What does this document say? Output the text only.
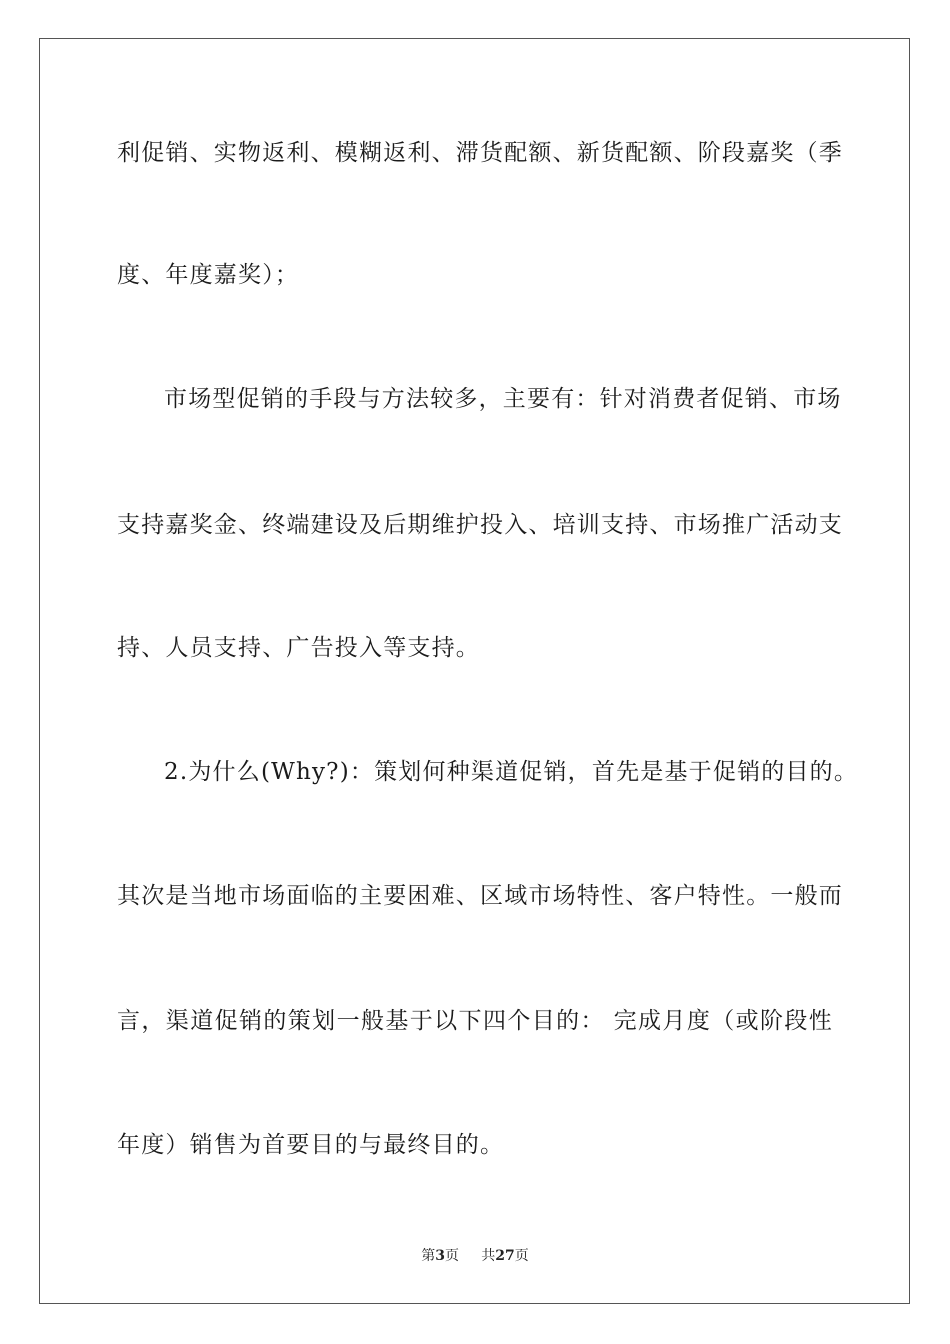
利促销、实物返利、模糊返利、滞货配额、新货配额、阶段嘉奖（季
度、年度嘉奖）；
市场型促销的手段与方法较多，主要有：针对消费者促销、市场
支持嘉奖金、终端建设及后期维护投入、培训支持、市场推广活动支
持、人员支持、广告投入等支持。
2.为什么(Why?)：策划何种渠道促销，首先是基于促销的目的。
其次是当地市场面临的主要困难、区域市场特性、客户特性。一般而
言，渠道促销的策划一般基于以下四个目的： 完成月度（或阶段性
年度）销售为首要目的与最终目的。
第3页 共27页
